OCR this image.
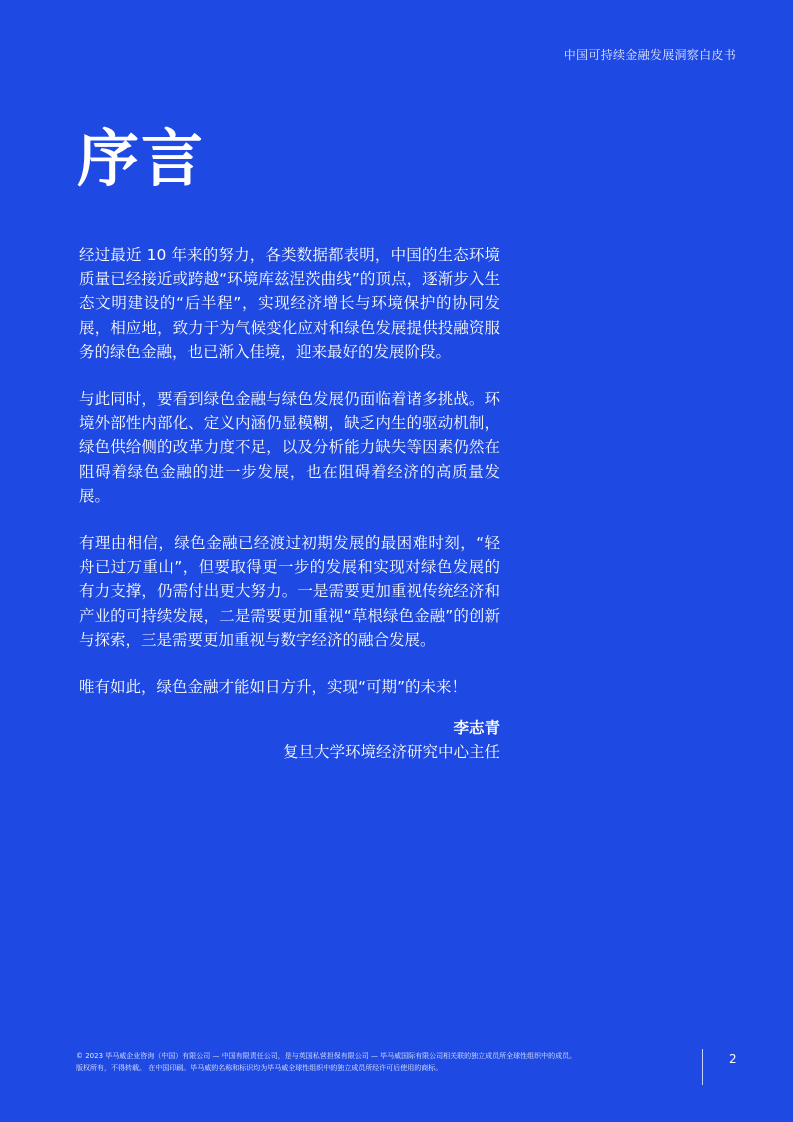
中国可持续金融发展洞察白皮书
序言

经过最近 10 年来的努力，各类数据都表明，中国的生态环境质量已经接近或跨越“环境库兹涅茨曲线”的顶点，逐渐步入生态文明建设的“后半程”，实现经济增长与环境保护的协同发展，相应地，致力于为气候变化应对和绿色发展提供投融资服务的绿色金融，也已渐入佳境，迎来最好的发展阶段。

与此同时，要看到绿色金融与绿色发展仍面临着诸多挑战。环境外部性内部化、定义内涵仍显模糊，缺乏内生的驱动机制，绿色供给侧的改革力度不足，以及分析能力缺失等因素仍然在阻碍着绿色金融的进一步发展，也在阻碍着经济的高质量发展。

有理由相信，绿色金融已经渡过初期发展的最困难时刻，“轻舟已过万重山”，但要取得更一步的发展和实现对绿色发展的有力支撑，仍需付出更大努力。一是需要更加重视传统经济和产业的可持续发展，二是需要更加重视“草根绿色金融”的创新与探索，三是需要更加重视与数字经济的融合发展。

唯有如此，绿色金融才能如日方升，实现“可期”的未来！

李志青
复旦大学环境经济研究中心主任
© 2023 毕马威企业咨询（中国）有限公司 — 中国有限责任公司，是与英国私营担保有限公司 — 毕马威国际有限公司相关联的独立成员所全球性组织中的成员。
版权所有，不得转载。 在中国印刷。毕马威的名称和标识均为毕马威全球性组织中的独立成员所经许可后使用的商标。
2
